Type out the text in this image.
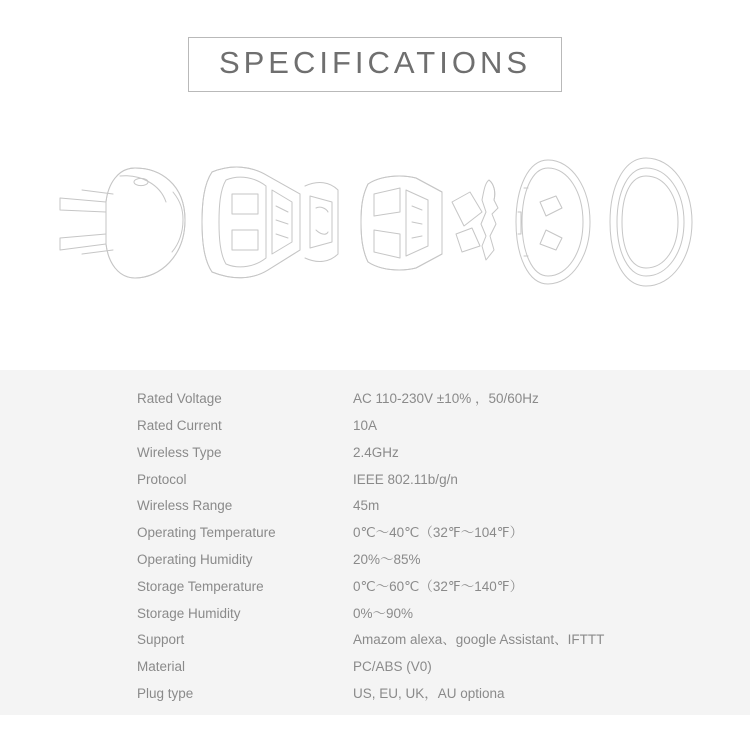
SPECIFICATIONS
Rated Voltage	AC 110-230V ±10% ，50/60Hz
Rated Current	10A
Wireless Type	2.4GHz
Protocol	IEEE 802.11b/g/n
Wireless Range	45m
Operating Temperature	0℃～40℃（32℉～104℉）
Operating Humidity	20%～85%
Storage Temperature	0℃～60℃（32℉～140℉）
Storage Humidity	0%～90%
Support	Amazom alexa、google Assistant、IFTTT
Material	PC/ABS (V0)
Plug type	US, EU, UK，AU optiona
